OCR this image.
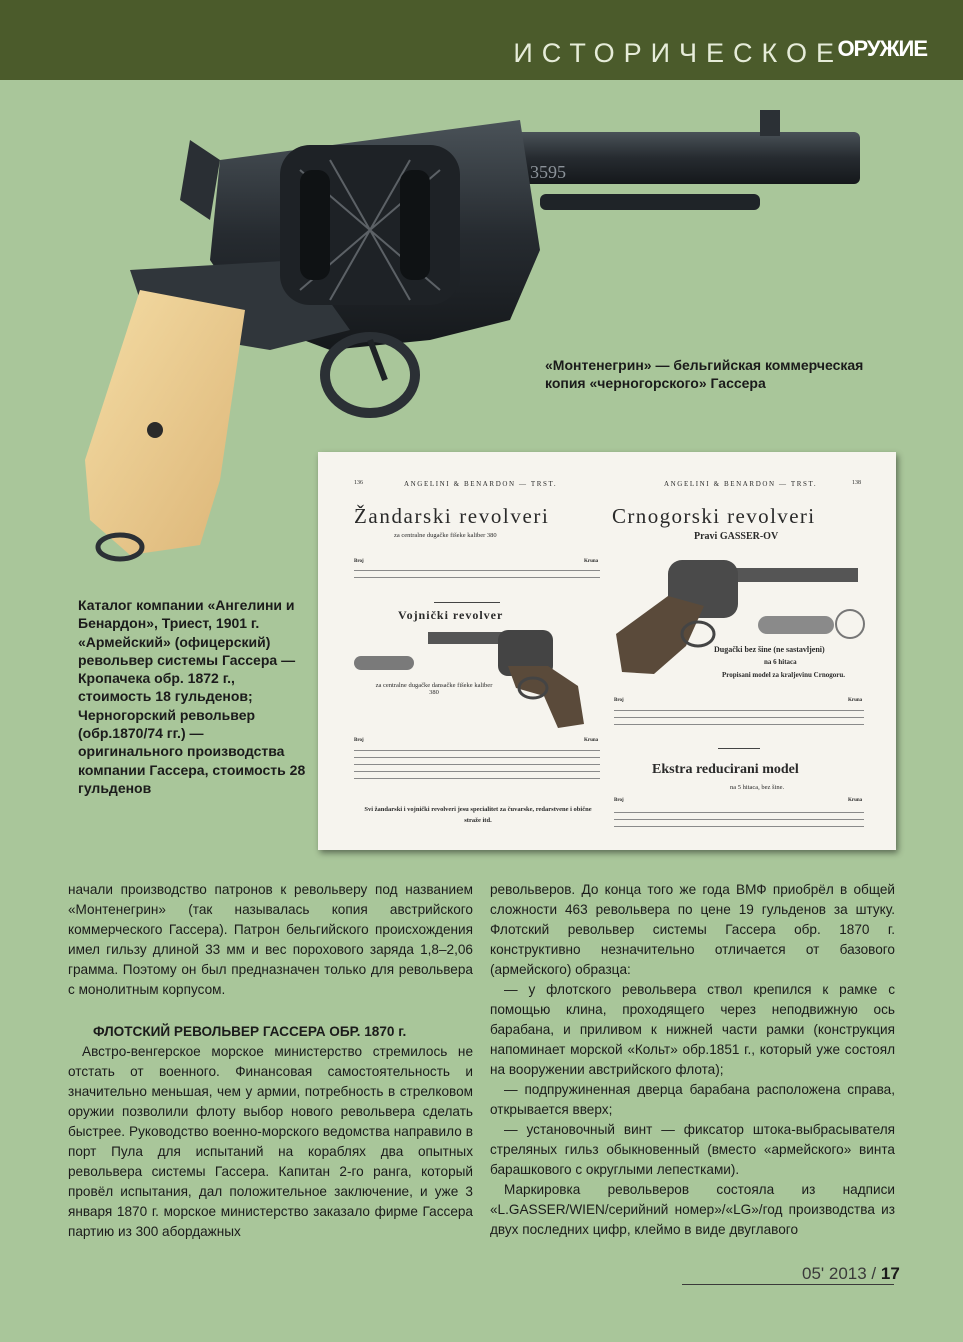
ИСТОРИЧЕСКОЕ
ОРУЖИЕ
3595
«Монтенегрин» — бельгийская коммерческая копия «черногорского» Гассера
Каталог компании «Ангелини и Бенардон», Триест, 1901 г. «Армейский» (офицерский) револьвер системы Гассера — Кропачека обр. 1872 г., стоимость 18 гульденов; Черногорский револьвер (обр.1870/74 гг.) — оригинального производства компании Гассера, стоимость 28 гульденов
136	ANGELINI & BENARDON — TRST.	ANGELINI & BENARDON — TRST.	138
Žandarski revolveri	Crnogorski revolveri
za centralne dugačke fišeke kaliber 380	Pravi GASSER-OV
Broj	Kruna
Vojnički revolver
za centralne dugačke dansačke fišeke kaliber 380
Broj	Kruna
Svi žandarski i vojnički revolveri jesu specialitet za čuvarske, redarstvene i obične straže itd.
Dugački bez šine (ne sastavljeni)
na 6 hitaca
Propisani model za kraljevinu Crnogoru.
Broj	Kruna
Ekstra reducirani model
na 5 hitaca, bez šine.
Broj	Kruna

начали производство патронов к револьверу под названием «Монтенегрин» (так называлась копия австрийского коммерческого Гассера). Патрон бельгийского происхождения имел гильзу длиной 33 мм и вес порохового заряда 1,8–2,06 грамма. Поэтому он был предназначен только для револьвера с монолитным корпусом.

ФЛОТСКИЙ РЕВОЛЬВЕР ГАССЕРА ОБР. 1870 г.

Австро-венгерское морское министерство стремилось не отстать от военного. Финансовая самостоятельность и значительно меньшая, чем у армии, потребность в стрелковом оружии позволили флоту выбор нового револьвера сделать быстрее. Руководство военно-морского ведомства направило в порт Пула для испытаний на кораблях два опытных револьвера системы Гассера. Капитан 2-го ранга, который провёл испытания, дал положительное заключение, и уже 3 января 1870 г. морское министерство заказало фирме Гассера партию из 300 абордажных

револьверов. До конца того же года ВМФ приобрёл в общей сложности 463 револьвера по цене 19 гульденов за штуку. Флотский револьвер системы Гассера обр. 1870 г. конструктивно незначительно отличается от базового (армейского) образца:

— у флотского револьвера ствол крепился к рамке с помощью клина, проходящего через неподвижную ось барабана, и приливом к нижней части рамки (конструкция напоминает морской «Кольт» обр.1851 г., который уже состоял на вооружении австрийского флота);

— подпружиненная дверца барабана расположена справа, открывается вверх;

— установочный винт — фиксатор штока-выбрасывателя стреляных гильз обыкновенный (вместо «армейского» винта барашкового с округлыми лепестками).

Маркировка револьверов состояла из надписи «L.GASSER/WIEN/серийний номер»/«LG»/год производства из двух последних цифр, клеймо в виде двуглавого

05' 2013 / 17
